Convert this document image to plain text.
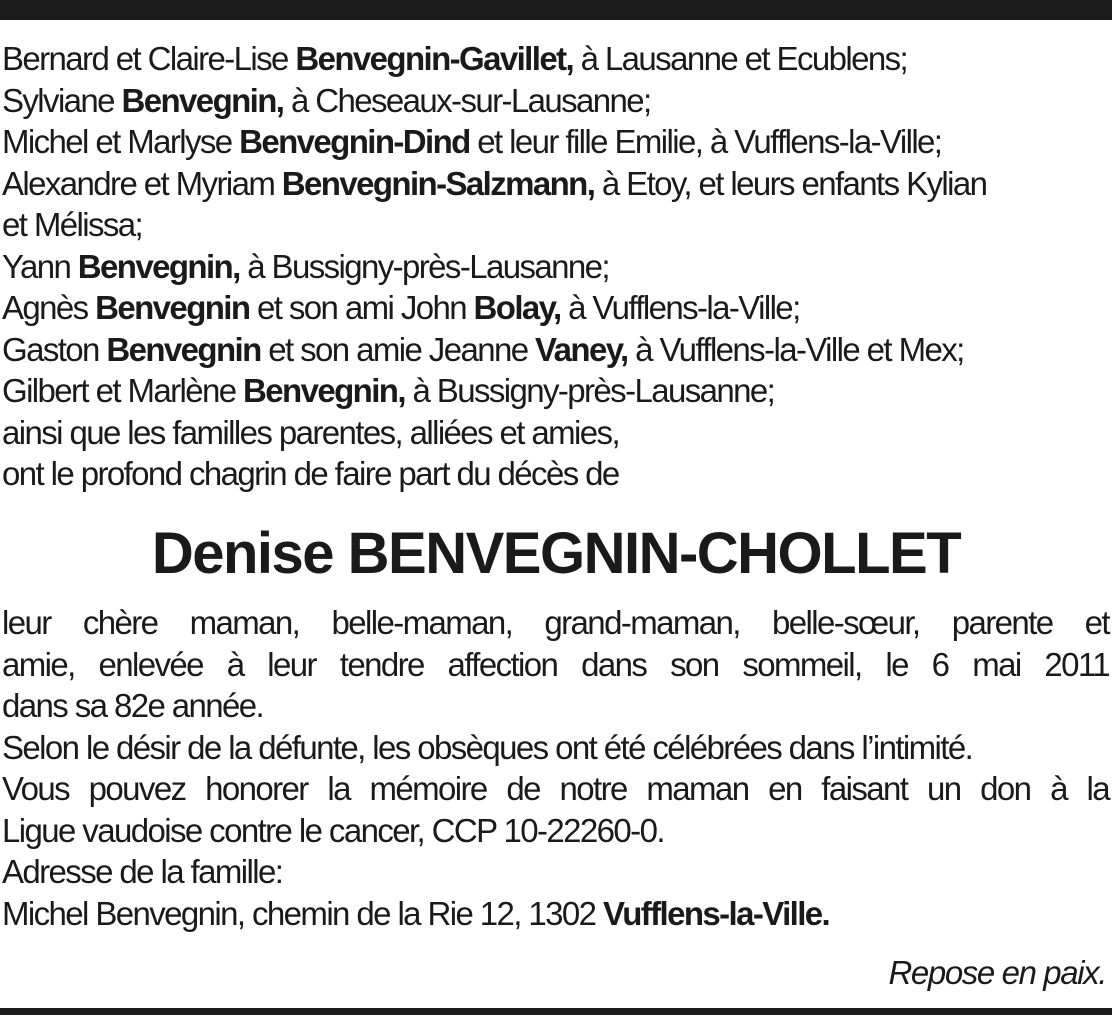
Bernard et Claire-Lise Benvegnin-Gavillet, à Lausanne et Ecublens;
Sylviane Benvegnin, à Cheseaux-sur-Lausanne;
Michel et Marlyse Benvegnin-Dind et leur fille Emilie, à Vufflens-la-Ville;
Alexandre et Myriam Benvegnin-Salzmann, à Etoy, et leurs enfants Kylian
et Mélissa;
Yann Benvegnin, à Bussigny-près-Lausanne;
Agnès Benvegnin et son ami John Bolay, à Vufflens-la-Ville;
Gaston Benvegnin et son amie Jeanne Vaney, à Vufflens-la-Ville et Mex;
Gilbert et Marlène Benvegnin, à Bussigny-près-Lausanne;
ainsi que les familles parentes, alliées et amies,
ont le profond chagrin de faire part du décès de
Denise BENVEGNIN-CHOLLET
leur chère maman, belle-maman, grand-maman, belle-sœur, parente et
amie, enlevée à leur tendre affection dans son sommeil, le 6 mai 2011
dans sa 82e année.
Selon le désir de la défunte, les obsèques ont été célébrées dans l’intimité.
Vous pouvez honorer la mémoire de notre maman en faisant un don à la
Ligue vaudoise contre le cancer, CCP 10-22260-0.
Adresse de la famille:
Michel Benvegnin, chemin de la Rie 12, 1302 Vufflens-la-Ville.
Repose en paix.
